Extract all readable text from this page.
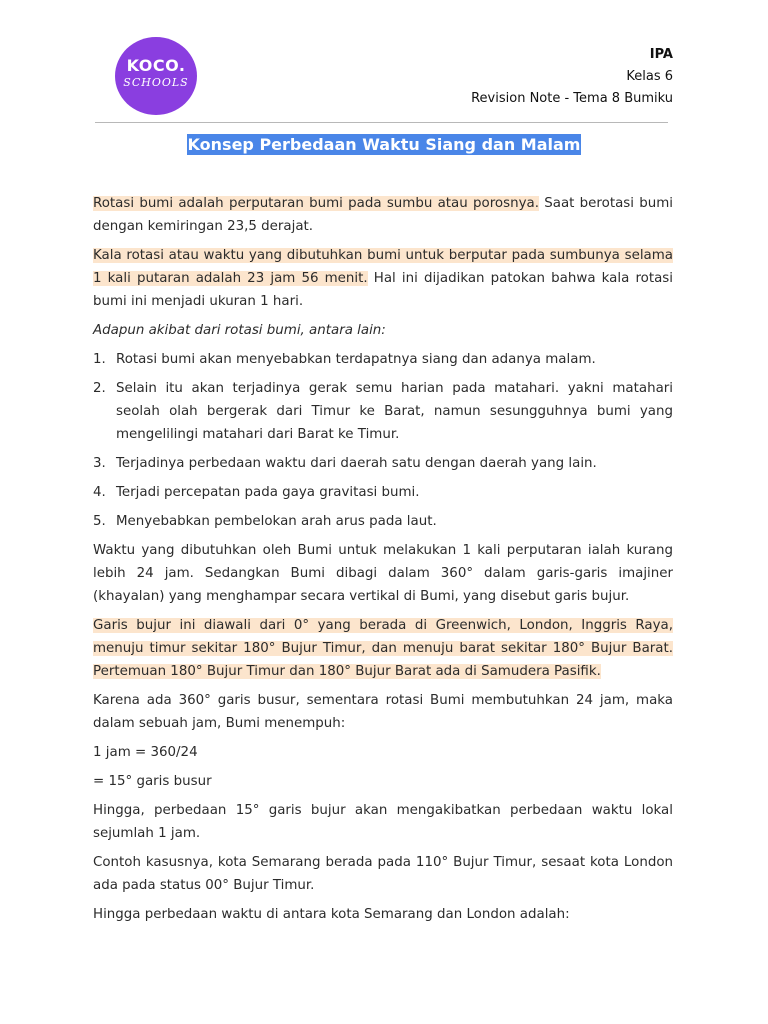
KOCO.
SCHOOLS
IPA
Kelas 6
Revision Note - Tema 8 Bumiku
Konsep Perbedaan Waktu Siang dan Malam

Rotasi bumi adalah perputaran bumi pada sumbu atau porosnya. Saat berotasi bumi dengan kemiringan 23,5 derajat.

Kala rotasi atau waktu yang dibutuhkan bumi untuk berputar pada sumbunya selama 1 kali putaran adalah 23 jam 56 menit. Hal ini dijadikan patokan bahwa kala rotasi bumi ini menjadi ukuran 1 hari.

Adapun akibat dari rotasi bumi, antara lain:

1. Rotasi bumi akan menyebabkan terdapatnya siang dan adanya malam.
2. Selain itu akan terjadinya gerak semu harian pada matahari. yakni matahari seolah olah bergerak dari Timur ke Barat, namun sesungguhnya bumi yang mengelilingi matahari dari Barat ke Timur.
3. Terjadinya perbedaan waktu dari daerah satu dengan daerah yang lain.
4. Terjadi percepatan pada gaya gravitasi bumi.
5. Menyebabkan pembelokan arah arus pada laut.

Waktu yang dibutuhkan oleh Bumi untuk melakukan 1 kali perputaran ialah kurang lebih 24 jam. Sedangkan Bumi dibagi dalam 360° dalam garis-garis imajiner (khayalan) yang menghampar secara vertikal di Bumi, yang disebut garis bujur.

Garis bujur ini diawali dari 0° yang berada di Greenwich, London, Inggris Raya, menuju timur sekitar 180° Bujur Timur, dan menuju barat sekitar 180° Bujur Barat. Pertemuan 180° Bujur Timur dan 180° Bujur Barat ada di Samudera Pasifik.

Karena ada 360° garis busur, sementara rotasi Bumi membutuhkan 24 jam, maka dalam sebuah jam, Bumi menempuh:

1 jam = 360/24

= 15° garis busur

Hingga, perbedaan 15° garis bujur akan mengakibatkan perbedaan waktu lokal sejumlah 1 jam.

Contoh kasusnya, kota Semarang berada pada 110° Bujur Timur, sesaat kota London ada pada status 00° Bujur Timur.

Hingga perbedaan waktu di antara kota Semarang dan London adalah:
